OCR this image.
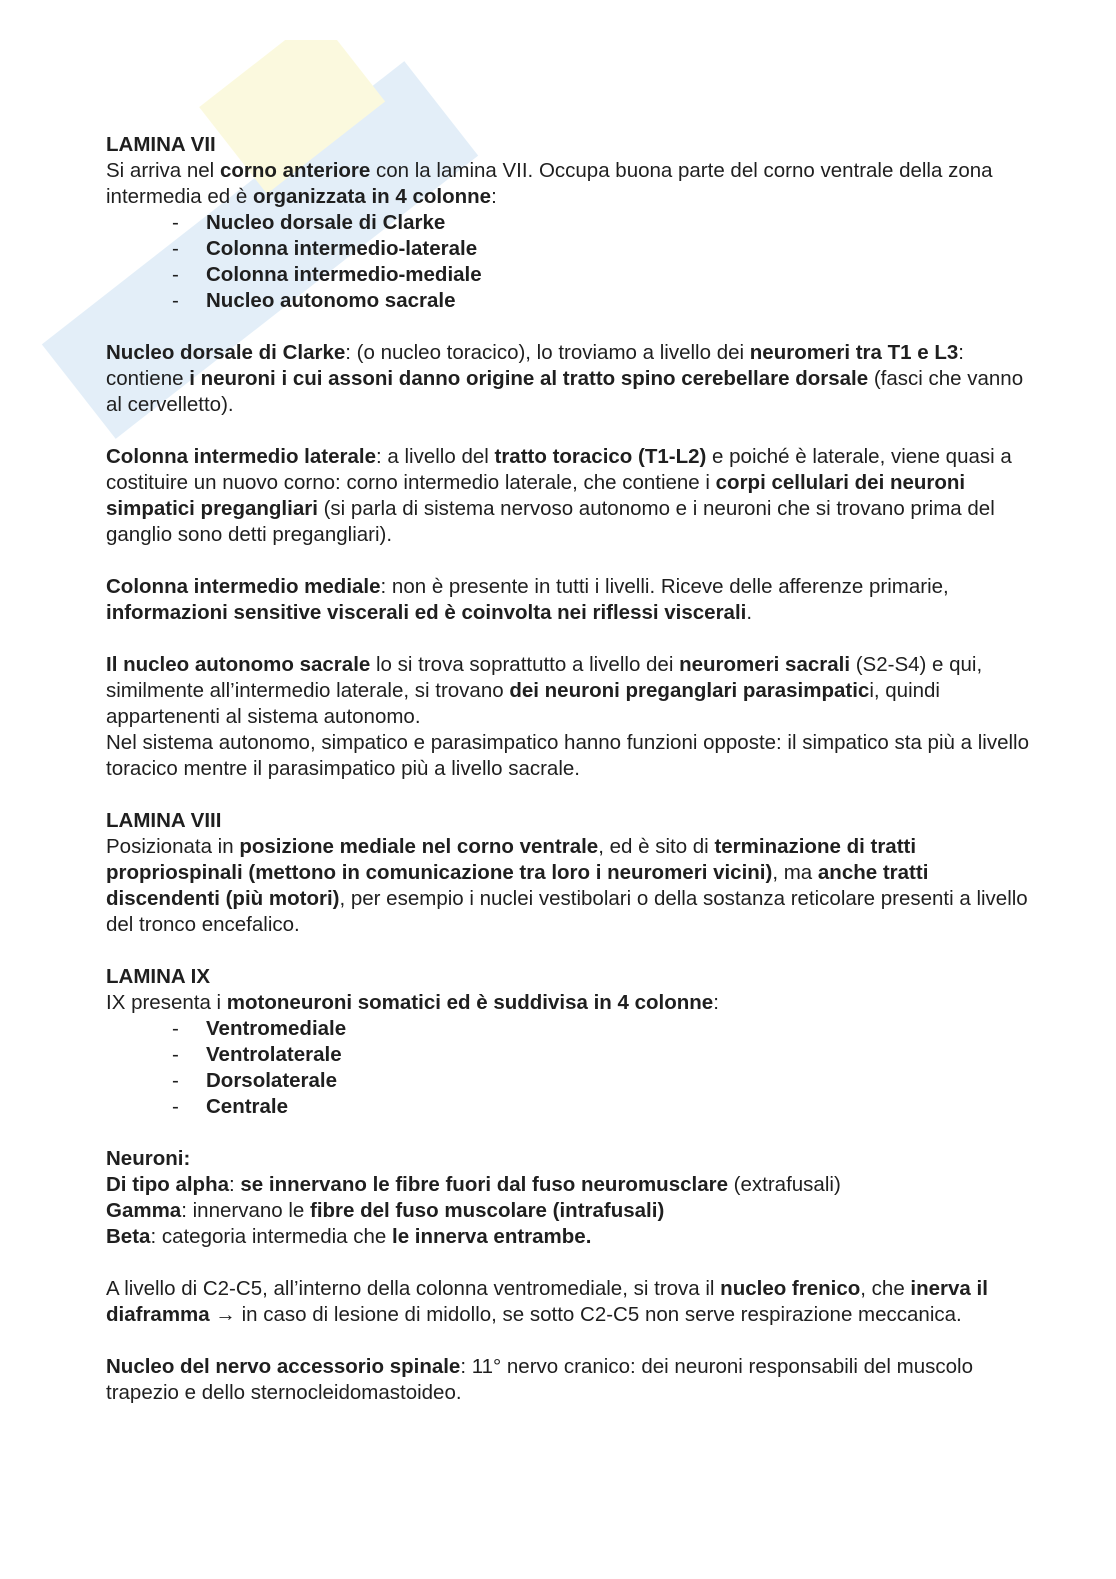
LAMINA VII

Si arriva nel corno anteriore con la lamina VII. Occupa buona parte del corno ventrale della zona intermedia ed è organizzata in 4 colonne:

- Nucleo dorsale di Clarke
- Colonna intermedio-laterale
- Colonna intermedio-mediale
- Nucleo autonomo sacrale

Nucleo dorsale di Clarke: (o nucleo toracico), lo troviamo a livello dei neuromeri tra T1 e L3: contiene i neuroni i cui assoni danno origine al tratto spino cerebellare dorsale (fasci che vanno al cervelletto).

Colonna intermedio laterale: a livello del tratto toracico (T1-L2) e poiché è laterale, viene quasi a costituire un nuovo corno: corno intermedio laterale, che contiene i corpi cellulari dei neuroni simpatici pregangliari (si parla di sistema nervoso autonomo e i neuroni che si trovano prima del ganglio sono detti pregangliari).

Colonna intermedio mediale: non è presente in tutti i livelli. Riceve delle afferenze primarie, informazioni sensitive viscerali ed è coinvolta nei riflessi viscerali.

Il nucleo autonomo sacrale lo si trova soprattutto a livello dei neuromeri sacrali (S2-S4) e qui, similmente all’intermedio laterale, si trovano dei neuroni preganglari parasimpatici, quindi appartenenti al sistema autonomo.

Nel sistema autonomo, simpatico e parasimpatico hanno funzioni opposte: il simpatico sta più a livello toracico mentre il parasimpatico più a livello sacrale.

LAMINA VIII

Posizionata in posizione mediale nel corno ventrale, ed è sito di terminazione di tratti propriospinali (mettono in comunicazione tra loro i neuromeri vicini), ma anche tratti discendenti (più motori), per esempio i nuclei vestibolari o della sostanza reticolare presenti a livello del tronco encefalico.

LAMINA IX

IX presenta i motoneuroni somatici ed è suddivisa in 4 colonne:

- Ventromediale
- Ventrolaterale
- Dorsolaterale
- Centrale

Neuroni:

Di tipo alpha: se innervano le fibre fuori dal fuso neuromusclare (extrafusali)

Gamma: innervano le fibre del fuso muscolare (intrafusali)

Beta: categoria intermedia che le innerva entrambe.

A livello di C2-C5, all’interno della colonna ventromediale, si trova il nucleo frenico, che inerva il diaframma → in caso di lesione di midollo, se sotto C2-C5 non serve respirazione meccanica.

Nucleo del nervo accessorio spinale: 11° nervo cranico: dei neuroni responsabili del muscolo trapezio e dello sternocleidomastoideo.
